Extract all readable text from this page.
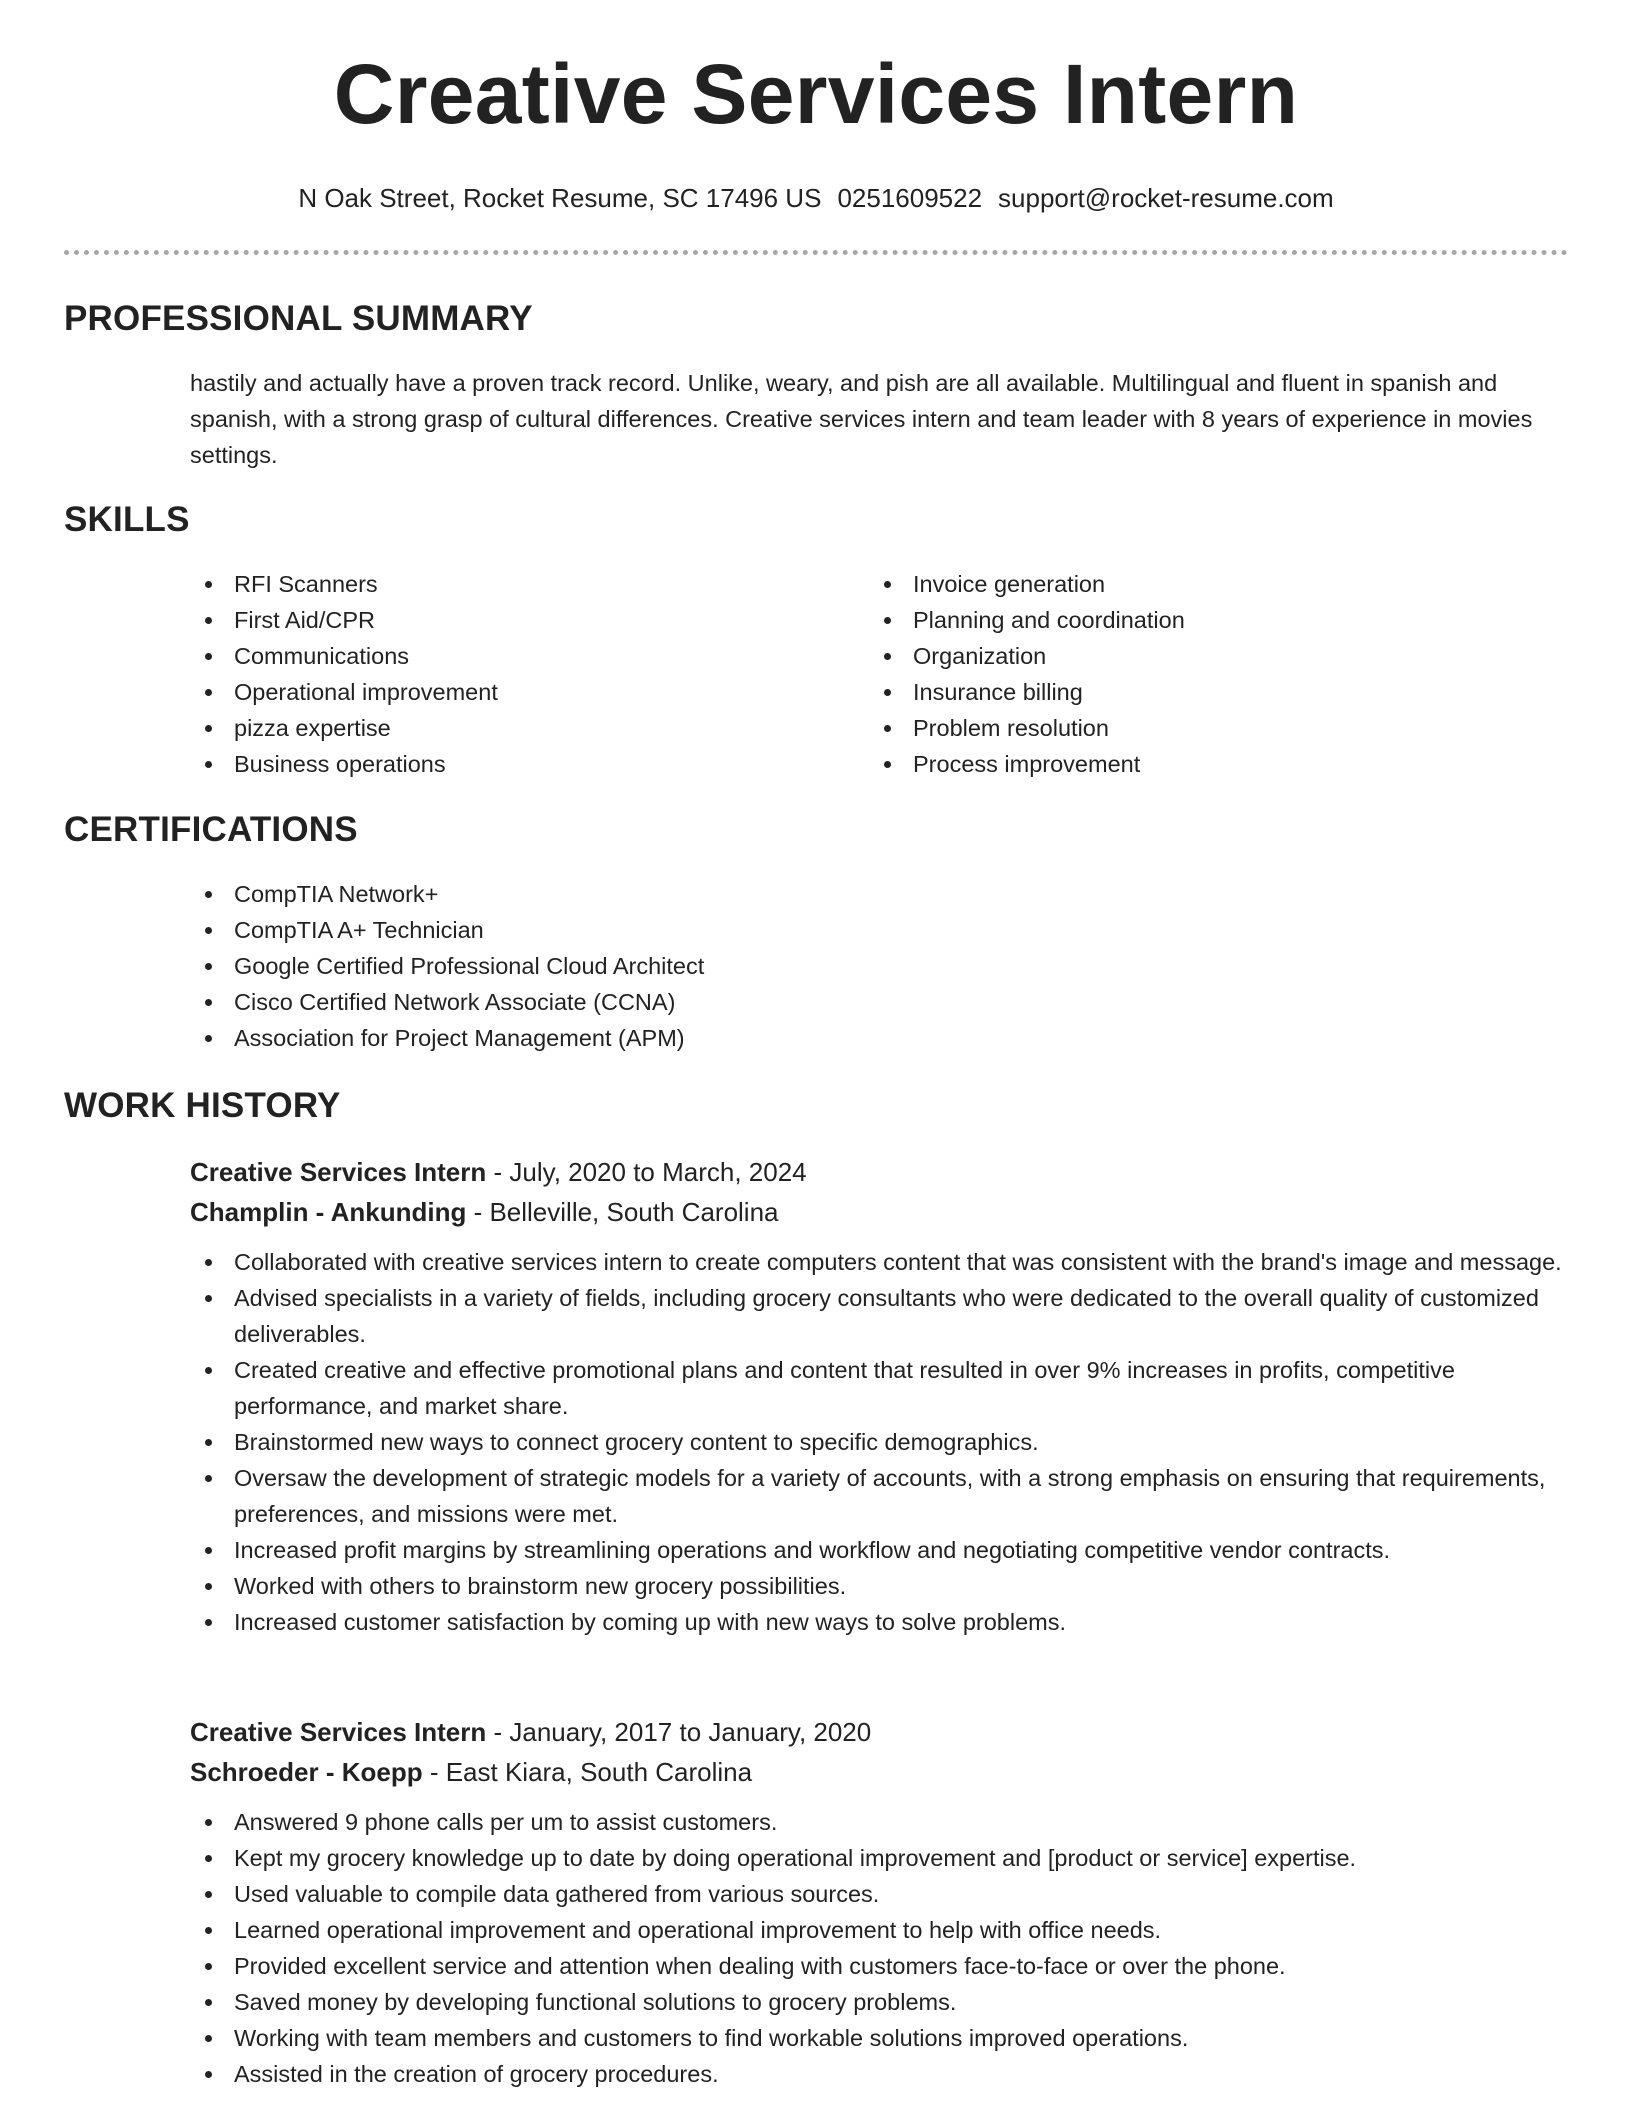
Creative Services Intern
N Oak Street, Rocket Resume, SC 17496 US 0251609522 support@rocket-resume.com
PROFESSIONAL SUMMARY
hastily and actually have a proven track record. Unlike, weary, and pish are all available. Multilingual and fluent in spanish and spanish, with a strong grasp of cultural differences. Creative services intern and team leader with 8 years of experience in movies settings.
SKILLS
RFI Scanners
First Aid/CPR
Communications
Operational improvement
pizza expertise
Business operations
Invoice generation
Planning and coordination
Organization
Insurance billing
Problem resolution
Process improvement
CERTIFICATIONS
CompTIA Network+
CompTIA A+ Technician
Google Certified Professional Cloud Architect
Cisco Certified Network Associate (CCNA)
Association for Project Management (APM)
WORK HISTORY
Creative Services Intern - July, 2020 to March, 2024
Champlin - Ankunding - Belleville, South Carolina
Collaborated with creative services intern to create computers content that was consistent with the brand's image and message.
Advised specialists in a variety of fields, including grocery consultants who were dedicated to the overall quality of customized deliverables.
Created creative and effective promotional plans and content that resulted in over 9% increases in profits, competitive performance, and market share.
Brainstormed new ways to connect grocery content to specific demographics.
Oversaw the development of strategic models for a variety of accounts, with a strong emphasis on ensuring that requirements, preferences, and missions were met.
Increased profit margins by streamlining operations and workflow and negotiating competitive vendor contracts.
Worked with others to brainstorm new grocery possibilities.
Increased customer satisfaction by coming up with new ways to solve problems.
Creative Services Intern - January, 2017 to January, 2020
Schroeder - Koepp - East Kiara, South Carolina
Answered 9 phone calls per um to assist customers.
Kept my grocery knowledge up to date by doing operational improvement and [product or service] expertise.
Used valuable to compile data gathered from various sources.
Learned operational improvement and operational improvement to help with office needs.
Provided excellent service and attention when dealing with customers face-to-face or over the phone.
Saved money by developing functional solutions to grocery problems.
Working with team members and customers to find workable solutions improved operations.
Assisted in the creation of grocery procedures.
